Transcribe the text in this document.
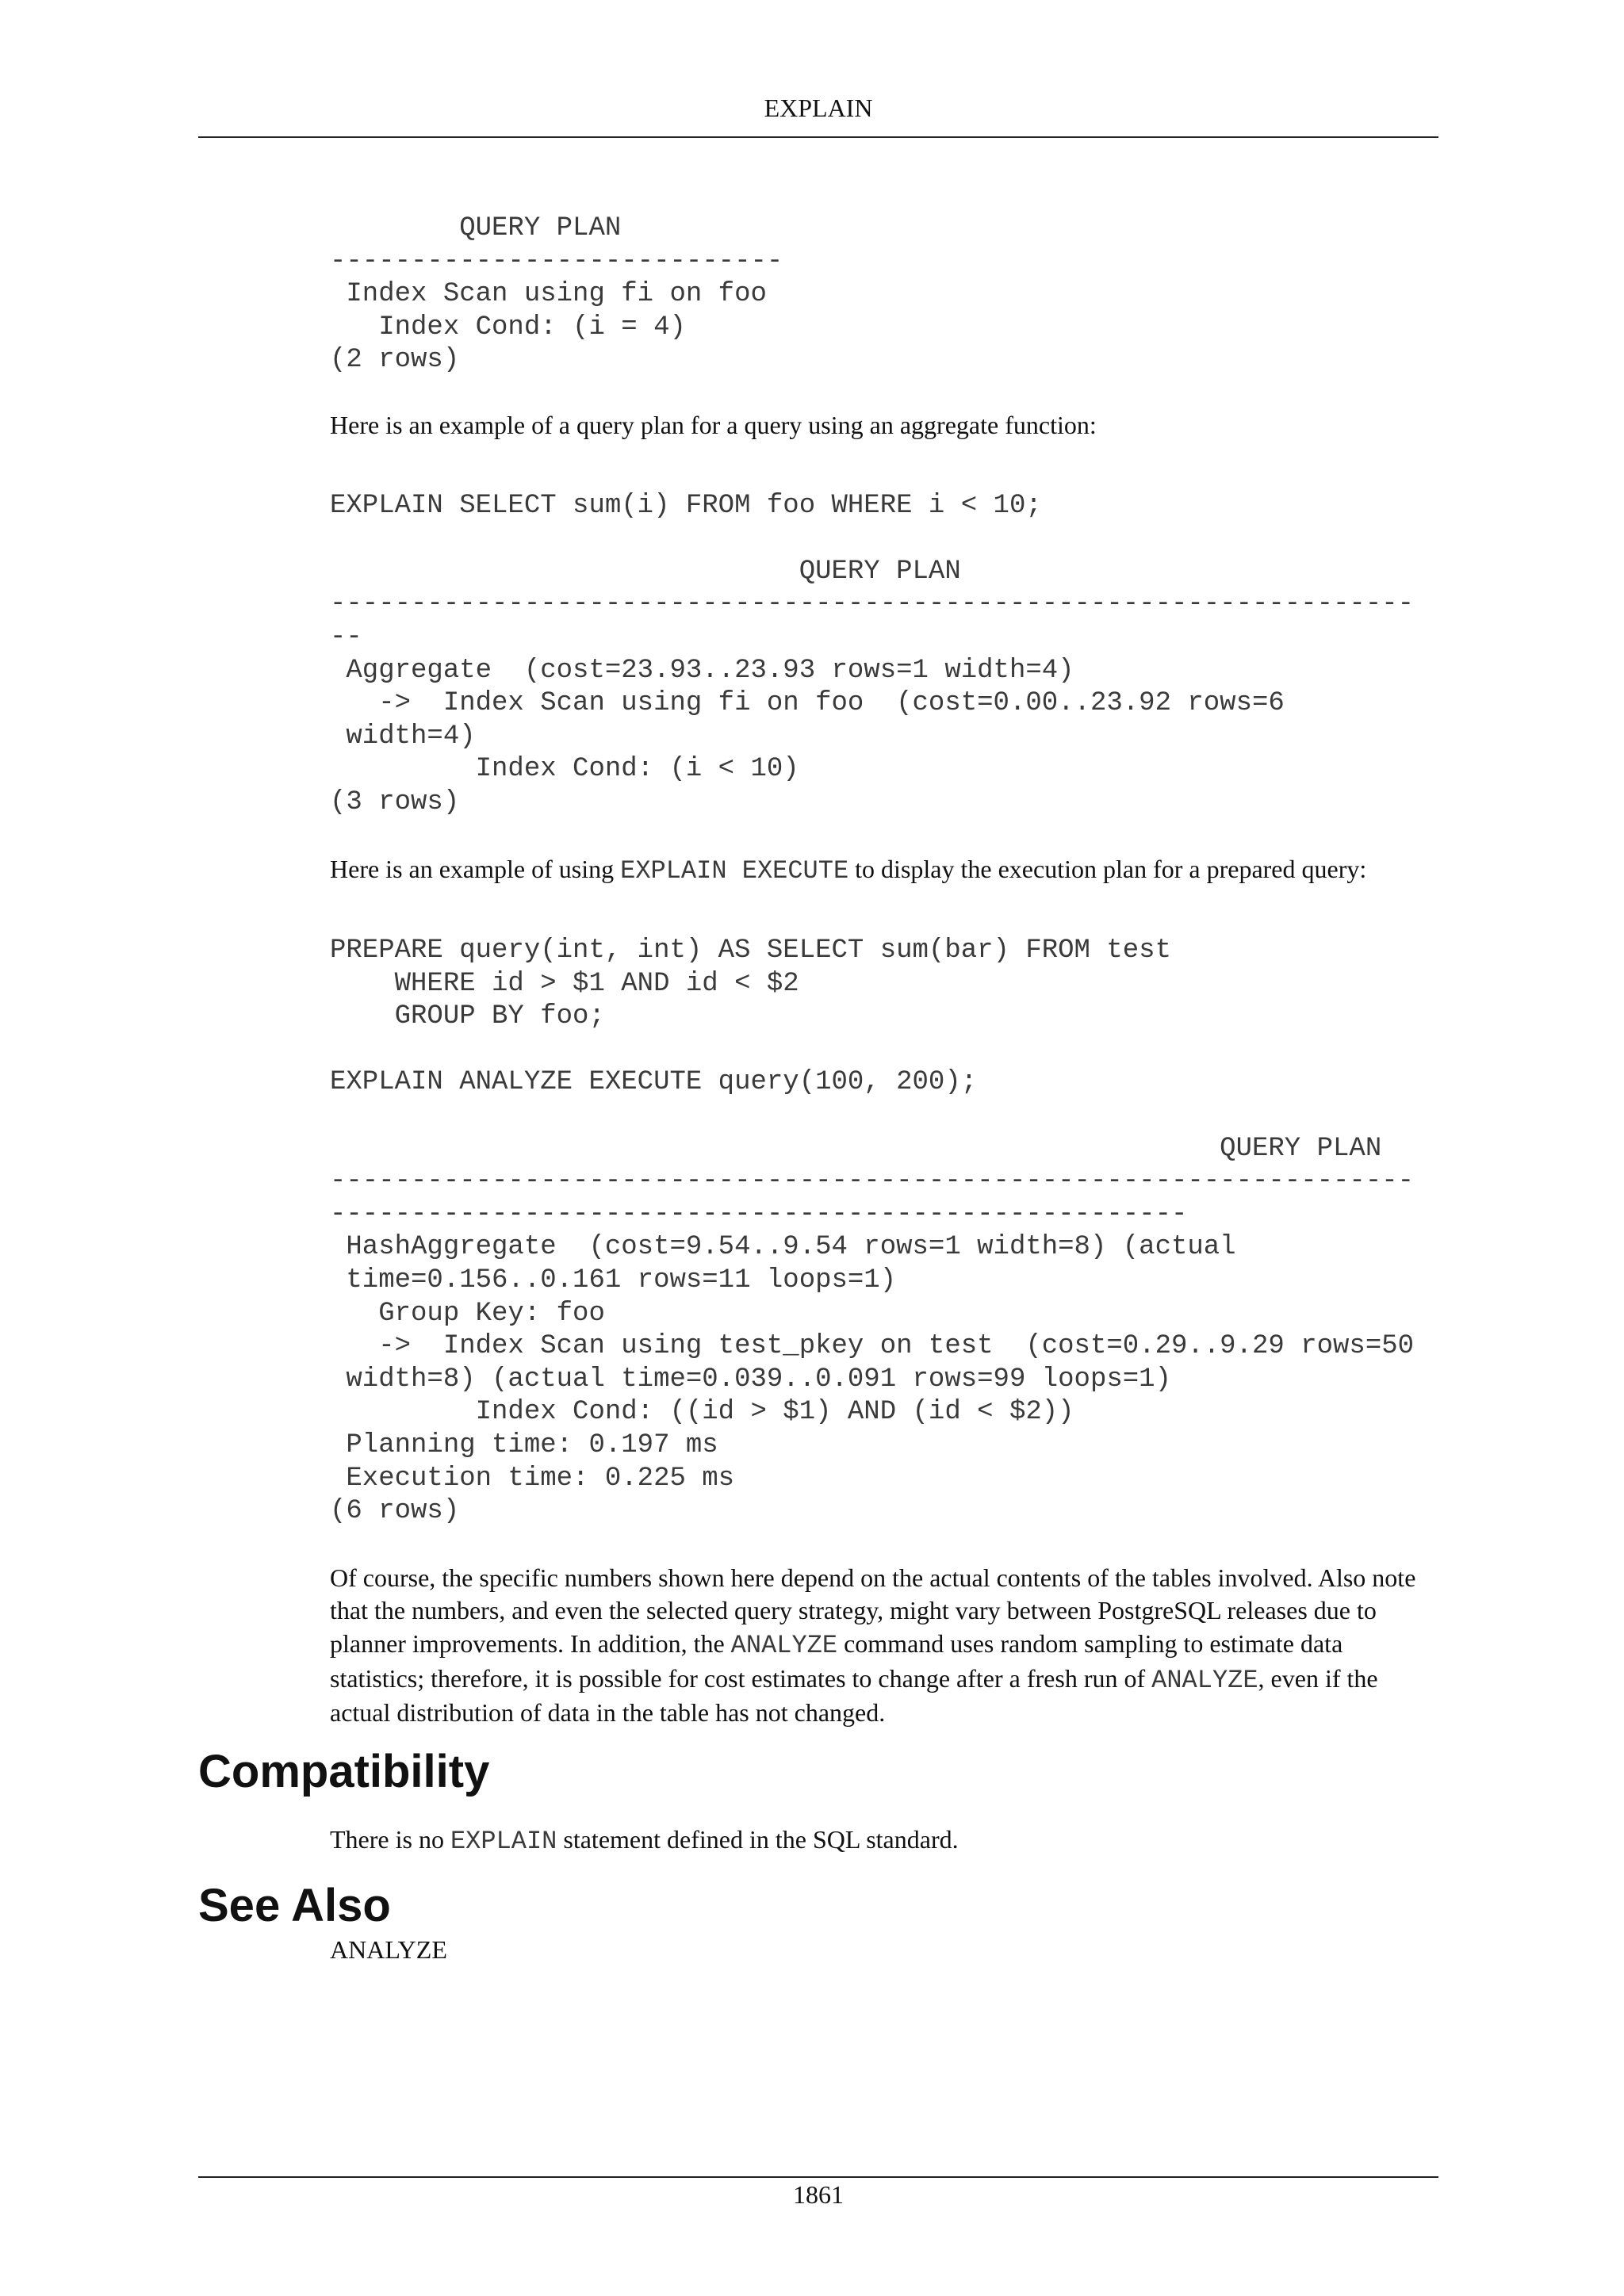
EXPLAIN
QUERY PLAN
----------------------------
Index Scan using fi on foo
Index Cond: (i = 4)
(2 rows)

Here is an example of a query plan for a query using an aggregate function:

EXPLAIN SELECT sum(i) FROM foo WHERE i < 10;

QUERY PLAN
-------------------------------------------------------------------
--
Aggregate  (cost=23.93..23.93 rows=1 width=4)
->  Index Scan using fi on foo  (cost=0.00..23.92 rows=6
width=4)
Index Cond: (i < 10)
(3 rows)

Here is an example of using EXPLAIN EXECUTE to display the execution plan for a prepared query:

PREPARE query(int, int) AS SELECT sum(bar) FROM test
WHERE id > $1 AND id < $2
GROUP BY foo;

EXPLAIN ANALYZE EXECUTE query(100, 200);

QUERY PLAN
-------------------------------------------------------------------
-----------------------------------------------------
HashAggregate  (cost=9.54..9.54 rows=1 width=8) (actual
time=0.156..0.161 rows=11 loops=1)
Group Key: foo
->  Index Scan using test_pkey on test  (cost=0.29..9.29 rows=50
width=8) (actual time=0.039..0.091 rows=99 loops=1)
Index Cond: ((id > $1) AND (id < $2))
Planning time: 0.197 ms
Execution time: 0.225 ms
(6 rows)

Of course, the specific numbers shown here depend on the actual contents of the tables involved. Also note that the numbers, and even the selected query strategy, might vary between PostgreSQL releases due to planner improvements. In addition, the ANALYZE command uses random sampling to estimate data statistics; therefore, it is possible for cost estimates to change after a fresh run of ANALYZE, even if the actual distribution of data in the table has not changed.

Compatibility

There is no EXPLAIN statement defined in the SQL standard.

See Also

ANALYZE

1861
